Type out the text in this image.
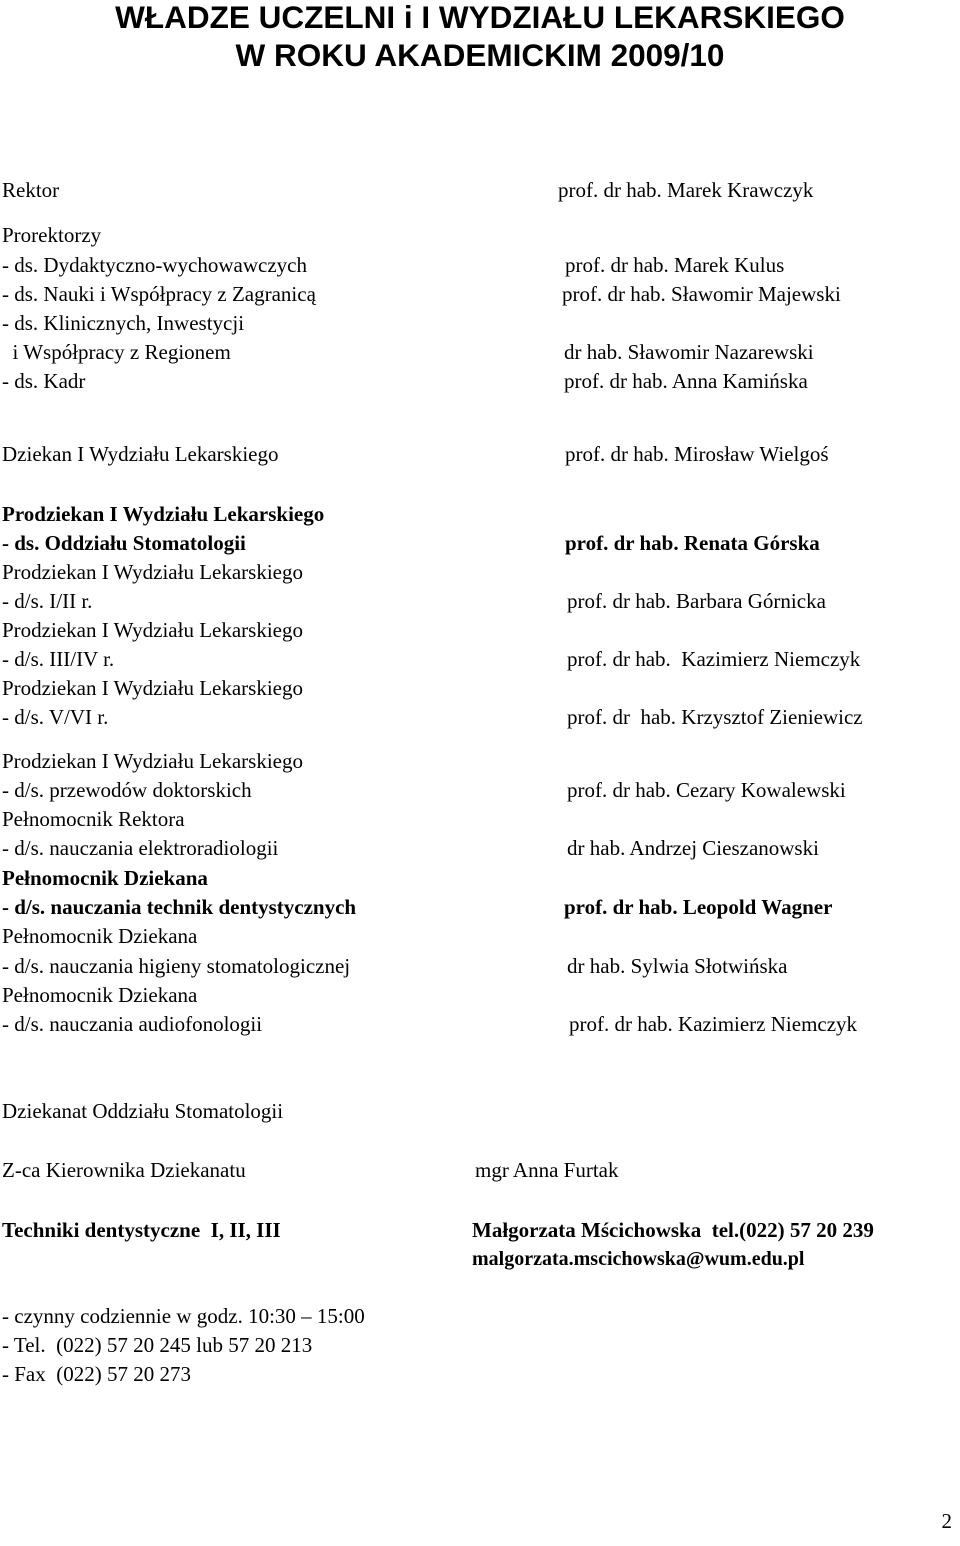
WŁADZE UCZELNI i I WYDZIAŁU LEKARSKIEGO
W ROKU AKADEMICKIM 2009/10
Rektor	prof. dr hab. Marek Krawczyk
Prorektorzy
- ds. Dydaktyczno-wychowawczych	prof. dr hab. Marek Kulus
- ds. Nauki i Współpracy z Zagranicą	prof. dr hab. Sławomir Majewski
- ds. Klinicznych, Inwestycji
i Współpracy z Regionem	dr hab. Sławomir Nazarewski
- ds. Kadr	prof. dr hab. Anna Kamińska
Dziekan I Wydziału Lekarskiego	prof. dr hab. Mirosław Wielgoś
Prodziekan I Wydziału Lekarskiego
- ds. Oddziału Stomatologii	prof. dr hab. Renata Górska
Prodziekan I Wydziału Lekarskiego
- d/s. I/II r.	prof. dr hab. Barbara Górnicka
Prodziekan I Wydziału Lekarskiego
- d/s. III/IV r.	prof. dr hab.  Kazimierz Niemczyk
Prodziekan I Wydziału Lekarskiego
- d/s. V/VI r.	prof. dr  hab. Krzysztof Zieniewicz
Prodziekan I Wydziału Lekarskiego
- d/s. przewodów doktorskich	prof. dr hab. Cezary Kowalewski
Pełnomocnik Rektora
- d/s. nauczania elektroradiologii	dr hab. Andrzej Cieszanowski
Pełnomocnik Dziekana
- d/s. nauczania technik dentystycznych	prof. dr hab. Leopold Wagner
Pełnomocnik Dziekana
- d/s. nauczania higieny stomatologicznej	dr hab. Sylwia Słotwińska
Pełnomocnik Dziekana
- d/s. nauczania audiofonologii	prof. dr hab. Kazimierz Niemczyk
Dziekanat Oddziału Stomatologii
Z-ca Kierownika Dziekanatu	mgr Anna Furtak
Techniki dentystyczne  I, II, III	Małgorzata Mścichowska  tel.(022) 57 20 239
malgorzata.mscichowska@wum.edu.pl
- czynny codziennie w godz. 10:30 – 15:00
- Tel.  (022) 57 20 245 lub 57 20 213
- Fax  (022) 57 20 273
2
